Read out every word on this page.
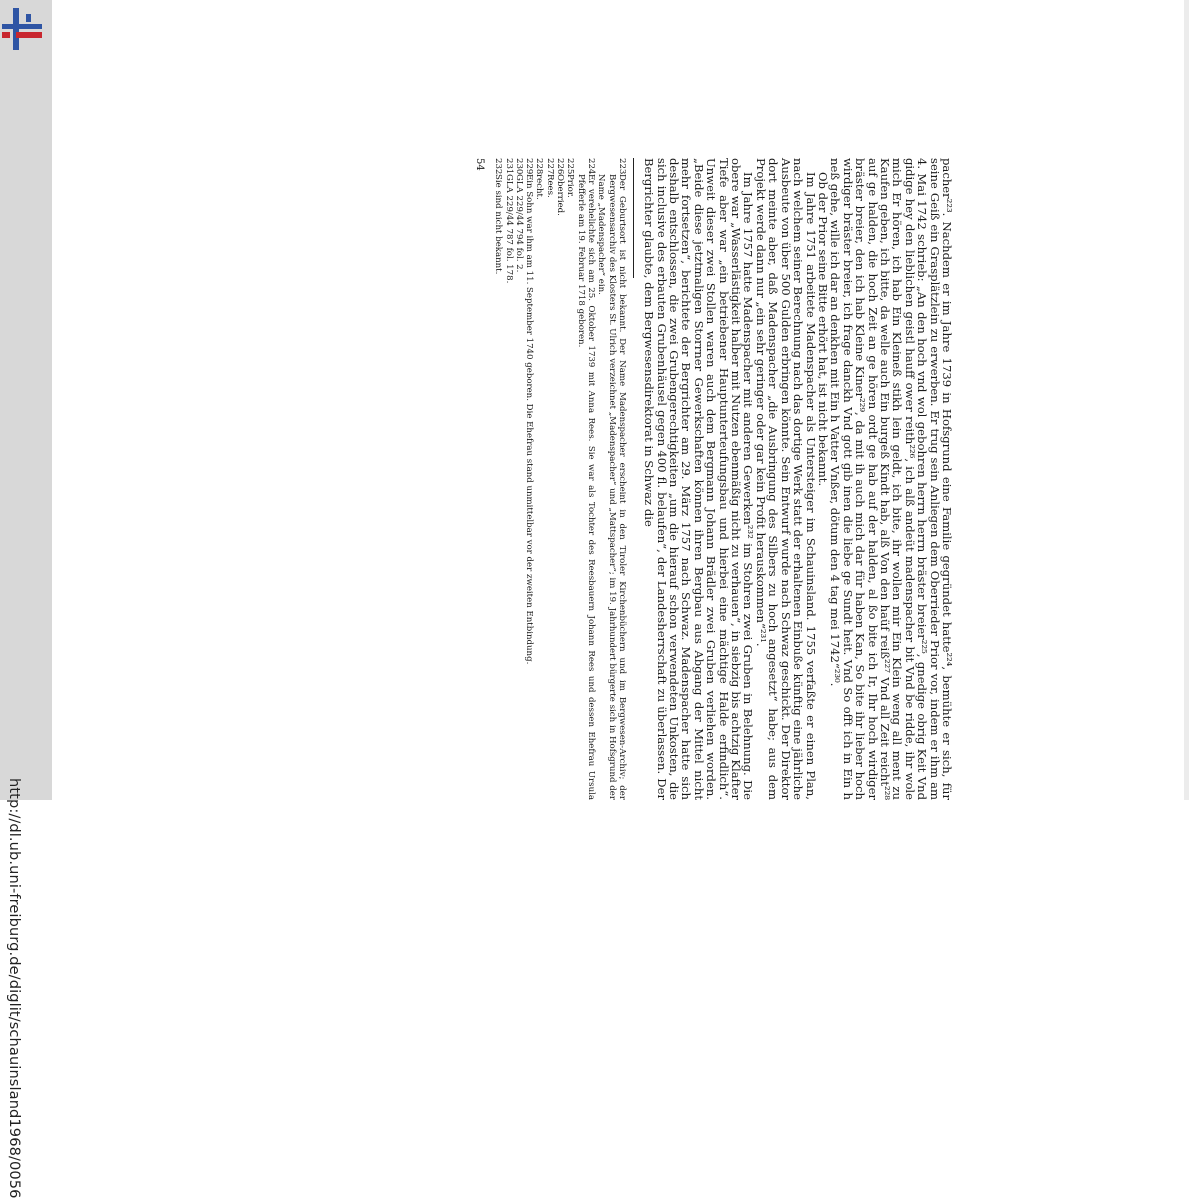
http://dl.ub.uni-freiburg.de/diglit/schauinsland1968/0056

pacher²²³. Nachdem er im Jahre 1739 in Hofsgrund eine Familie gegründet hatte²²⁴, bemühte er sich, für seine Geiß ein Grasplätzlein zu erwerben. Er trug sein Anliegen dem Oberrieder Prior vor, indem er ihm am 4. Mai 1742 schrieb: „An den hoch vnd wol gebohren herrn herrn bräster breier²²⁵, gnedige obrig Keit Vnd gidige hey den lieblichen geistl hauff ower reith²²⁶, ich alß andeüt madenspacher bit Vnd be ridde, ihr wole mich Er hören, ich hab Ein Kleineß stikh lein geldt, ich bite, ihr wollen mir Ein Klein weng all ment zu Kaufen geben, ich bitte, da welle auch Ein burgeß Kindt hab, alß Von den haüf reiß²²⁷ Vnd all Zeit reicht²²⁸ auf ge halden, die hoch Zeit an ge hören ordt ge hab auf der halden, al ßo bite ich Ir, Ihr hoch wirdiger bräster breier, den ich hab Kleine Kiner²²⁹, da mit ih auch mich dar für haben Kan, So bite ihr lieber hoch wirdiger bräster breier, ich frage danckh Vnd gott gib inen die liebe ge Sundt heit. Vnd So offt ich in Ein h neß gehe, wille ich dar an denkhen mit Ein h Vatter Vnßer, dötum den 4 tag mei 1742“²³⁰.

Ob der Prior seine Bitte erhört hat, ist nicht bekannt.

Im Jahre 1751 arbeitete Madenspacher als Untersteiger im Schauinsland. 1755 verfaßte er einen Plan, nach welchem seiner Berechnung nach das dortige Werk statt der erhaltenen Einbuße künftig eine jährliche Ausbeute von über 500 Gulden erbringen könnte. Sein Entwurf wurde nach Schwaz geschickt. Der Direktor dort meinte aber, daß Madenspacher „die Ausbringung des Silbers zu hoch angesetzt“ habe; aus dem Projekt werde dann nur „ein sehr geringer oder gar kein Profit herauskommen“²³¹.

Im Jahre 1757 hatte Madenspacher mit anderen Gewerken²³² im Stohren zwei Gruben in Belehnung. Die obere war „Wasserlästigkeit halber mit Nutzen ebenmäßig nicht zu verhauen“, in siebzig bis achtzig Klafter Tiefe aber war „ein betriebener Hauptunterteufungsbau und hierbei eine mächtige Halde erfindlich“. Unweit dieser zwei Stollen waren auch dem Bergmann Johann Brädler zwei Gruben verliehen worden. „Beide diese jetztmaligen Storrner Gewerkschaften können ihren Bergbau aus Abgang der Mittel nicht mehr fortsetzen“, berichtete der Bergrichter am 29. März 1757 nach Schwaz. Madenspacher hatte sich deshalb entschlossen, die zwei Grubengerechtigkeiten „um die hierauf schon verwendeten Unkosten, die sich inclusive des erbauten Grubenhäusel gegen 400 fl. belaufen“, der Landesherrschaft zu überlassen. Der Bergrichter glaubte, dem Bergwesensdirektorat in Schwaz die

223
Der Geburtsort ist nicht bekannt. Der Name Madenspacher erscheint in den Tiroler Kirchenbüchern und im Bergwesen-Archiv; der Bergwesensarchiv des Klosters St. Ulrich verzeichnet „Madenspacher“ und „Mattspacher“; im 19. Jahrhundert bürgerte sich in Hofsgrund der Name „Madenspacher“ ein.
224
Er verehelichte sich am 25. Oktober 1739 mit Anna Rees. Sie war als Tochter des Reesbauern Johann Rees und dessen Ehefrau Ursula Pfefferle am 19. Februar 1718 geboren.
225
Prior.
226
Oberried.
227
Rees.
228
recht.
229
Ein Sohn war ihm am 11. September 1740 geboren. Die Ehefrau stand unmittelbar vor der zweiten Entbindung.
230
GLA 229/44 794 fol. 2.
231
GLA 229/44 787 fol. 178.
232
Sie sind nicht bekannt.
54
